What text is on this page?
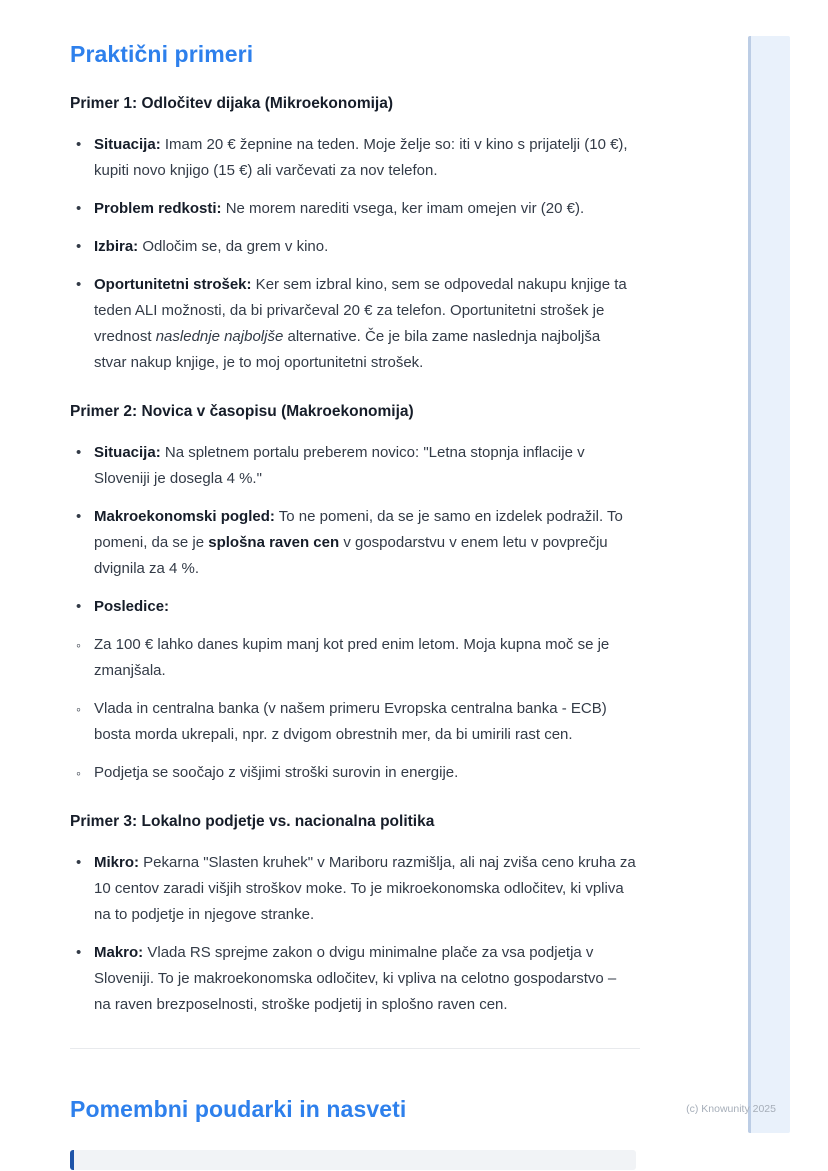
Praktični primeri
Primer 1: Odločitev dijaka (Mikroekonomija)
• Situacija: Imam 20 € žepnine na teden. Moje želje so: iti v kino s prijatelji (10 €), kupiti novo knjigo (15 €) ali varčevati za nov telefon.
• Problem redkosti: Ne morem narediti vsega, ker imam omejen vir (20 €).
• Izbira: Odločim se, da grem v kino.
• Oportunitetni strošek: Ker sem izbral kino, sem se odpovedal nakupu knjige ta teden ALI možnosti, da bi privarčeval 20 € za telefon. Oportunitetni strošek je vrednost naslednje najboljše alternative. Če je bila zame naslednja najboljša stvar nakup knjige, je to moj oportunitetni strošek.
Primer 2: Novica v časopisu (Makroekonomija)
• Situacija: Na spletnem portalu preberem novico: "Letna stopnja inflacije v Sloveniji je dosegla 4 %."
• Makroekonomski pogled: To ne pomeni, da se je samo en izdelek podražil. To pomeni, da se je splošna raven cen v gospodarstvu v enem letu v povprečju dvignila za 4 %.
• Posledice:
◦ Za 100 € lahko danes kupim manj kot pred enim letom. Moja kupna moč se je zmanjšala.
◦ Vlada in centralna banka (v našem primeru Evropska centralna banka - ECB) bosta morda ukrepali, npr. z dvigom obrestnih mer, da bi umirili rast cen.
◦ Podjetja se soočajo z višjimi stroški surovin in energije.
Primer 3: Lokalno podjetje vs. nacionalna politika
• Mikro: Pekarna "Slasten kruhek" v Mariboru razmišlja, ali naj zviša ceno kruha za 10 centov zaradi višjih stroškov moke. To je mikroekonomska odločitev, ki vpliva na to podjetje in njegove stranke.
• Makro: Vlada RS sprejme zakon o dvigu minimalne plače za vsa podjetja v Sloveniji. To je makroekonomska odločitev, ki vpliva na celotno gospodarstvo – na raven brezposelnosti, stroške podjetij in splošno raven cen.
Pomembni poudarki in nasveti	(c) Knowunity 2025
